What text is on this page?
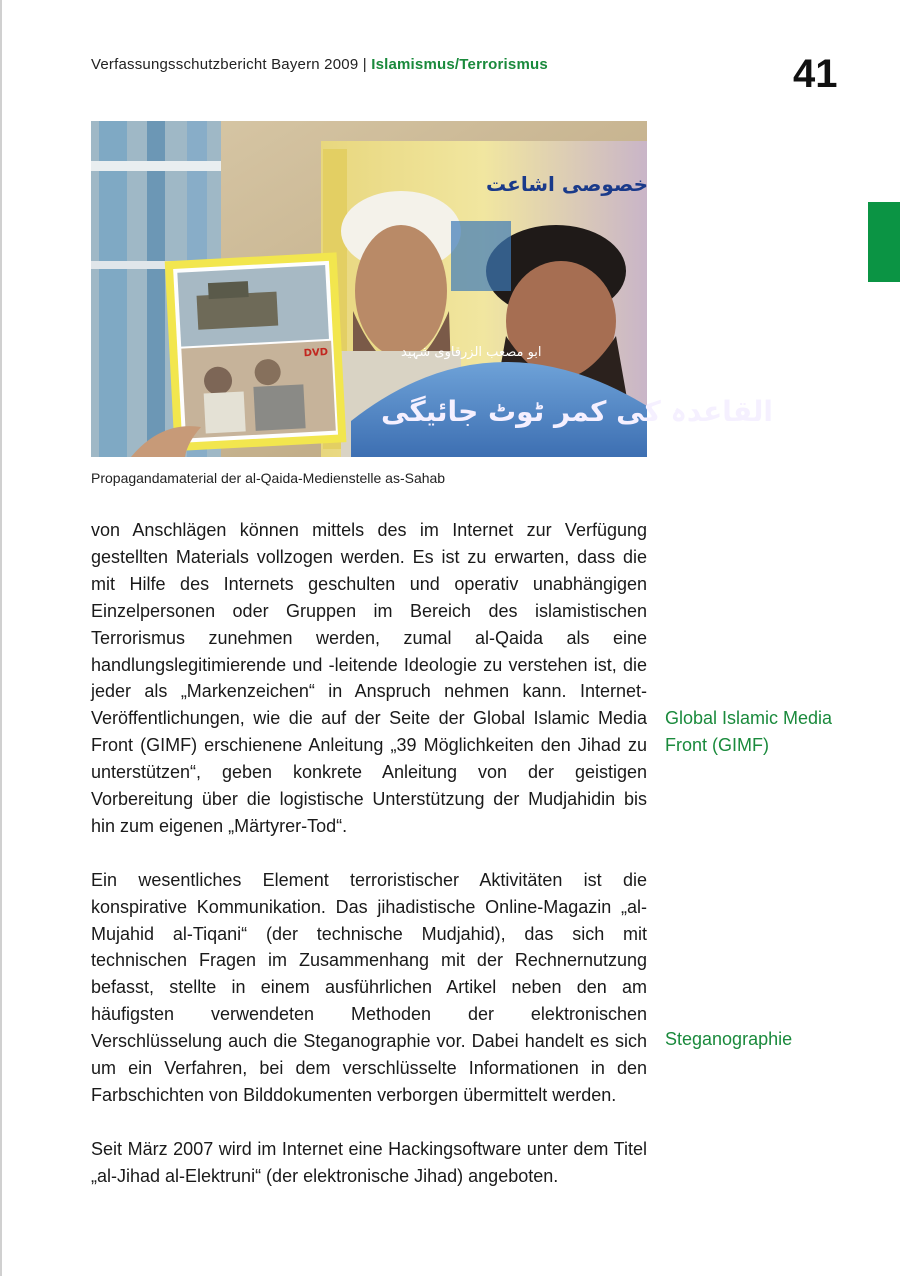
Verfassungsschutzbericht Bayern 2009 | Islamismus/Terrorismus	41
خصوصی اشاعت
القاعدہ کی کمر ٹوٹ جائیگی
ابو مصعب الزرقاوی شہید
DVD
Propagandamaterial der al-Qaida-Medienstelle as-Sahab

von Anschlägen können mittels des im Internet zur Verfügung gestellten Materials vollzogen werden. Es ist zu erwarten, dass die mit Hilfe des Internets geschulten und operativ unabhängigen Einzelpersonen oder Gruppen im Bereich des islamistischen Terrorismus zunehmen werden, zumal al-Qaida als eine handlungslegitimierende und -leitende Ideologie zu verstehen ist, die jeder als „Markenzeichen“ in Anspruch nehmen kann. Internet-Veröffentlichungen, wie die auf der Seite der Global Islamic Media Front (GIMF) erschienene Anleitung „39 Möglichkeiten den Jihad zu unterstützen“, geben konkrete Anleitung von der geistigen Vorbereitung über die logistische Unterstützung der Mudjahidin bis hin zum eigenen „Märtyrer-Tod“.

Ein wesentliches Element terroristischer Aktivitäten ist die konspirative Kommunikation. Das jihadistische Online-Magazin „al-Mujahid al-Tiqani“ (der technische Mudjahid), das sich mit technischen Fragen im Zusammenhang mit der Rechnernutzung befasst, stellte in einem ausführlichen Artikel neben den am häufigsten verwendeten Methoden der elektronischen Verschlüsselung auch die Steganographie vor. Dabei handelt es sich um ein Verfahren, bei dem verschlüsselte Informationen in den Farbschichten von Bilddokumenten verborgen übermittelt werden.

Seit März 2007 wird im Internet eine Hackingsoftware unter dem Titel „al-Jihad al-Elektruni“ (der elektronische Jihad) angeboten.

Global Islamic Media Front (GIMF)
Steganographie
